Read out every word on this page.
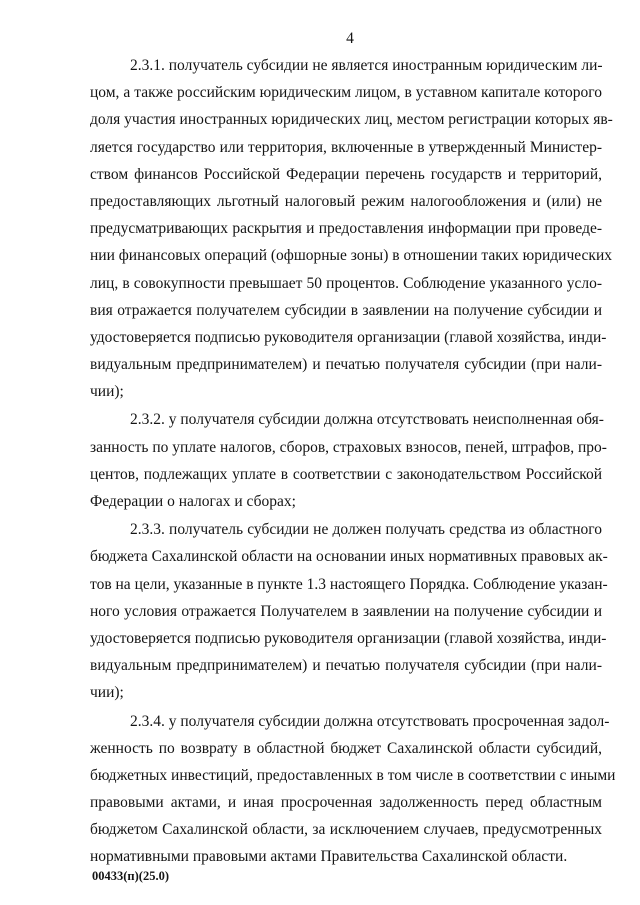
4
2.3.1. получатель субсидии не является иностранным юридическим ли-
цом, а также российским юридическим лицом, в уставном капитале которого
доля участия иностранных юридических лиц, местом регистрации которых яв-
ляется государство или территория, включенные в утвержденный Министер-
ством финансов Российской Федерации перечень государств и территорий,
предоставляющих льготный налоговый режим налогообложения и (или) не
предусматривающих раскрытия и предоставления информации при проведе-
нии финансовых операций (офшорные зоны) в отношении таких юридических
лиц, в совокупности превышает 50 процентов. Соблюдение указанного усло-
вия отражается получателем субсидии в заявлении на получение субсидии и
удостоверяется подписью руководителя организации (главой хозяйства, инди-
видуальным предпринимателем) и печатью получателя субсидии (при нали-
чии);
2.3.2. у получателя субсидии должна отсутствовать неисполненная обя-
занность по уплате налогов, сборов, страховых взносов, пеней, штрафов, про-
центов, подлежащих уплате в соответствии с законодательством Российской
Федерации о налогах и сборах;
2.3.3. получатель субсидии не должен получать средства из областного
бюджета Сахалинской области на основании иных нормативных правовых ак-
тов на цели, указанные в пункте 1.3 настоящего Порядка. Соблюдение указан-
ного условия отражается Получателем в заявлении на получение субсидии и
удостоверяется подписью руководителя организации (главой хозяйства, инди-
видуальным предпринимателем) и печатью получателя субсидии (при нали-
чии);
2.3.4. у получателя субсидии должна отсутствовать просроченная задол-
женность по возврату в областной бюджет Сахалинской области субсидий,
бюджетных инвестиций, предоставленных в том числе в соответствии с иными
правовыми актами, и иная просроченная задолженность перед областным
бюджетом Сахалинской области, за исключением случаев, предусмотренных
нормативными правовыми актами Правительства Сахалинской области.
00433(п)(25.0)
